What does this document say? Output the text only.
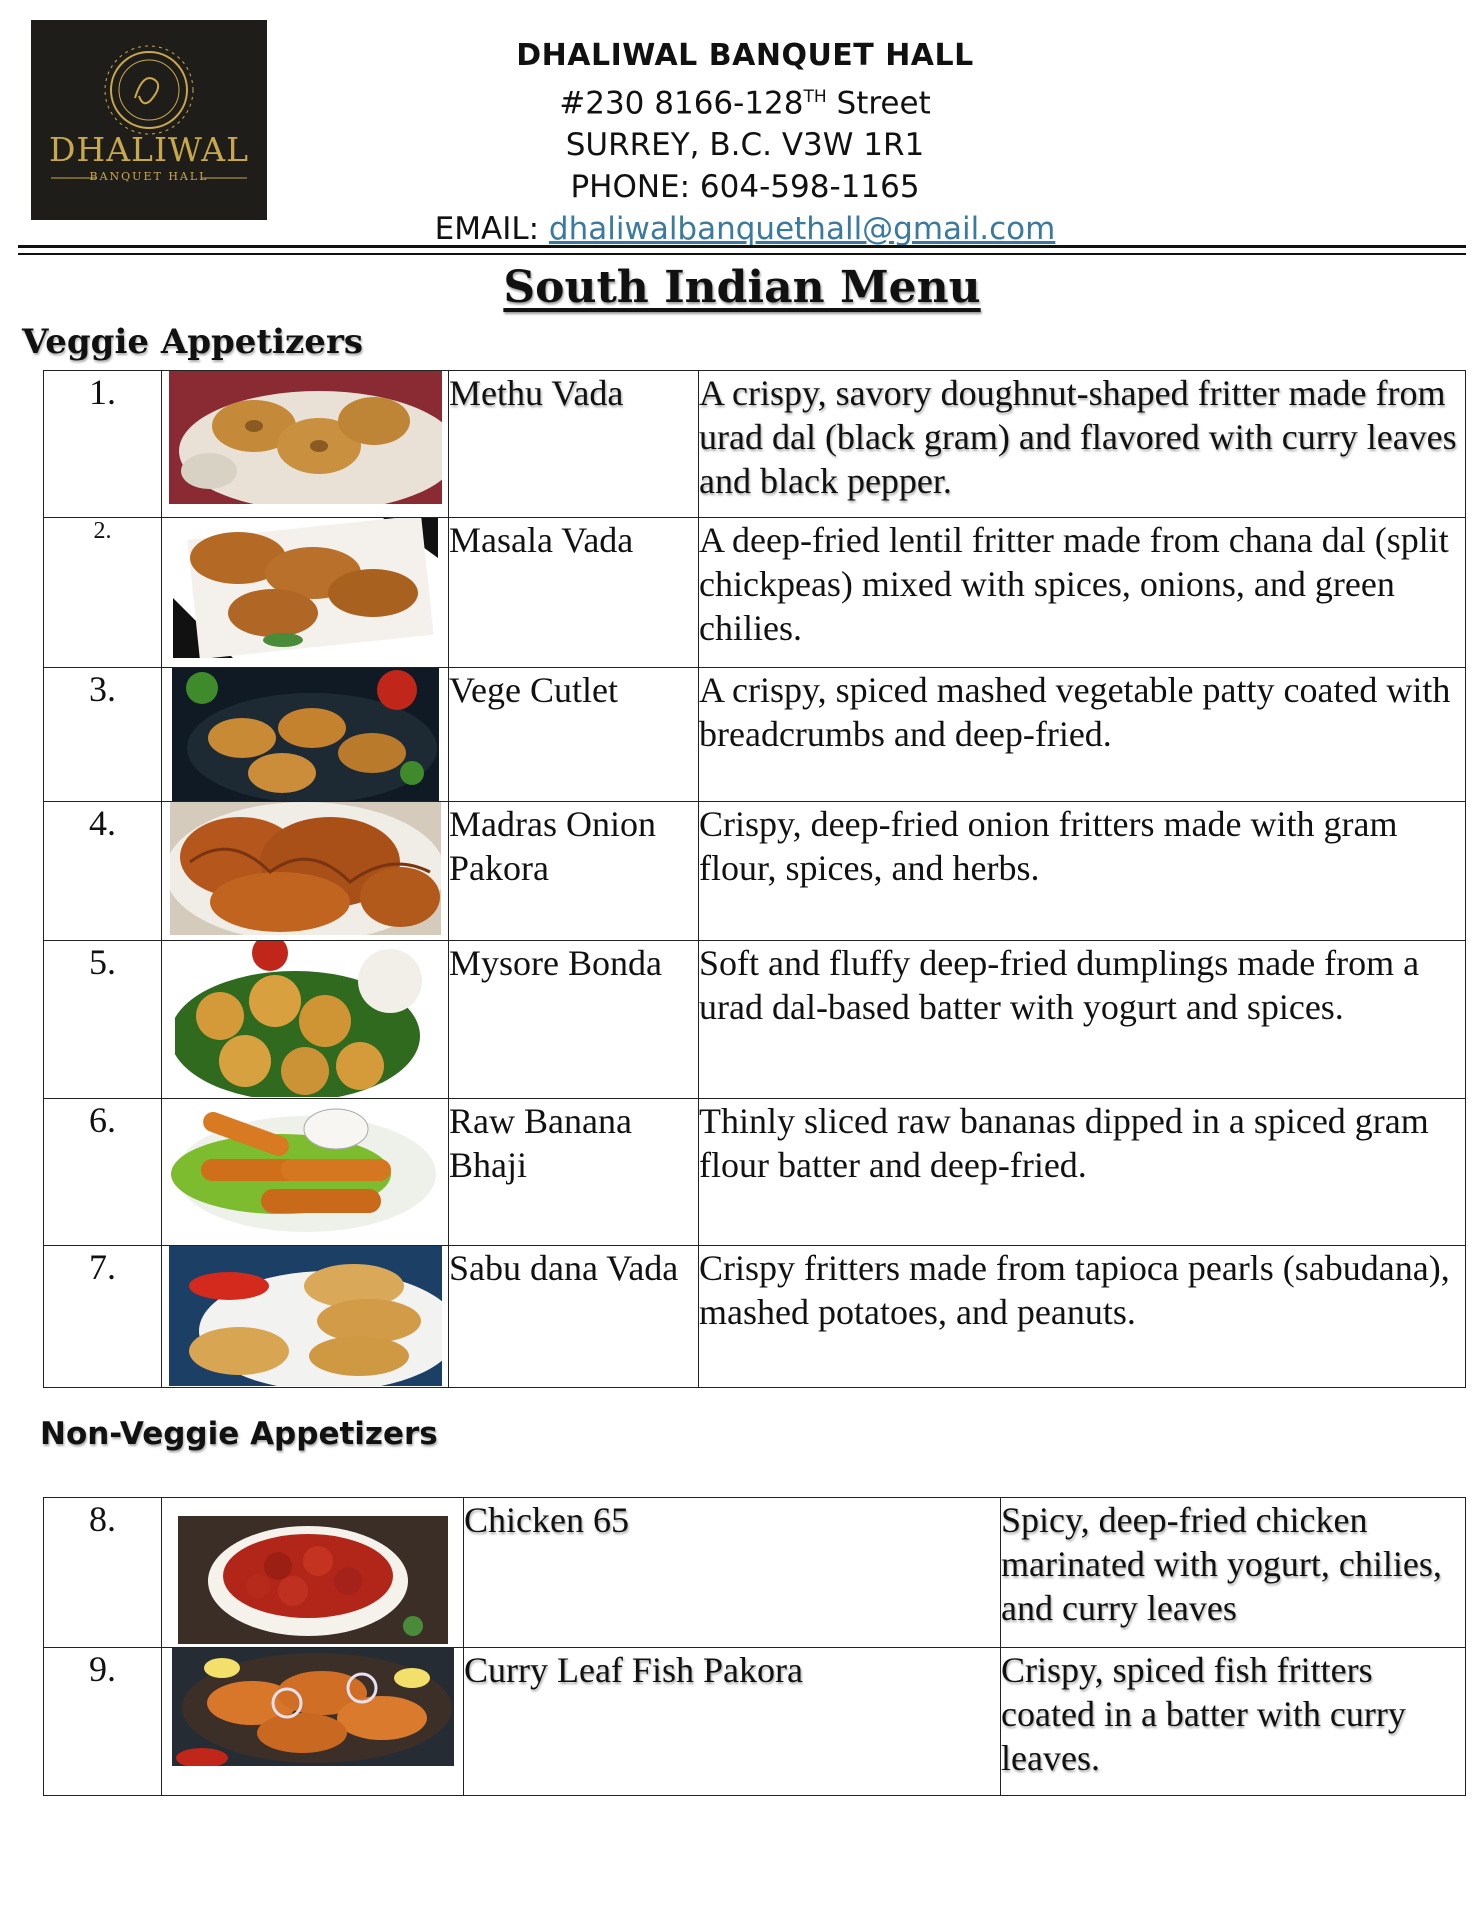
DHALIWAL
BANQUET HALL
DHALIWAL BANQUET HALL
#230 8166-128TH Street
SURREY, B.C. V3W 1R1
PHONE: 604-598-1165
EMAIL: dhaliwalbanquethall@gmail.com
South Indian Menu
Veggie Appetizers
1.		Methu Vada	A crispy, savory doughnut-shaped fritter made from urad dal (black gram) and flavored with curry leaves and black pepper.
2.		Masala Vada	A deep-fried lentil fritter made from chana dal (split chickpeas) mixed with spices, onions, and green chilies.
3.		Vege Cutlet	A crispy, spiced mashed vegetable patty coated with breadcrumbs and deep-fried.
4.		Madras Onion Pakora	Crispy, deep-fried onion fritters made with gram flour, spices, and herbs.
5.		Mysore Bonda	Soft and fluffy deep-fried dumplings made from a urad dal-based batter with yogurt and spices.
6.		Raw Banana Bhaji	Thinly sliced raw bananas dipped in a spiced gram flour batter and deep-fried.
7.		Sabu dana Vada	Crispy fritters made from tapioca pearls (sabudana), mashed potatoes, and peanuts.
Non-Veggie Appetizers
8.		Chicken 65	Spicy, deep-fried chicken marinated with yogurt, chilies, and curry leaves
9.		Curry Leaf Fish Pakora	Crispy, spiced fish fritters coated in a batter with curry leaves.
